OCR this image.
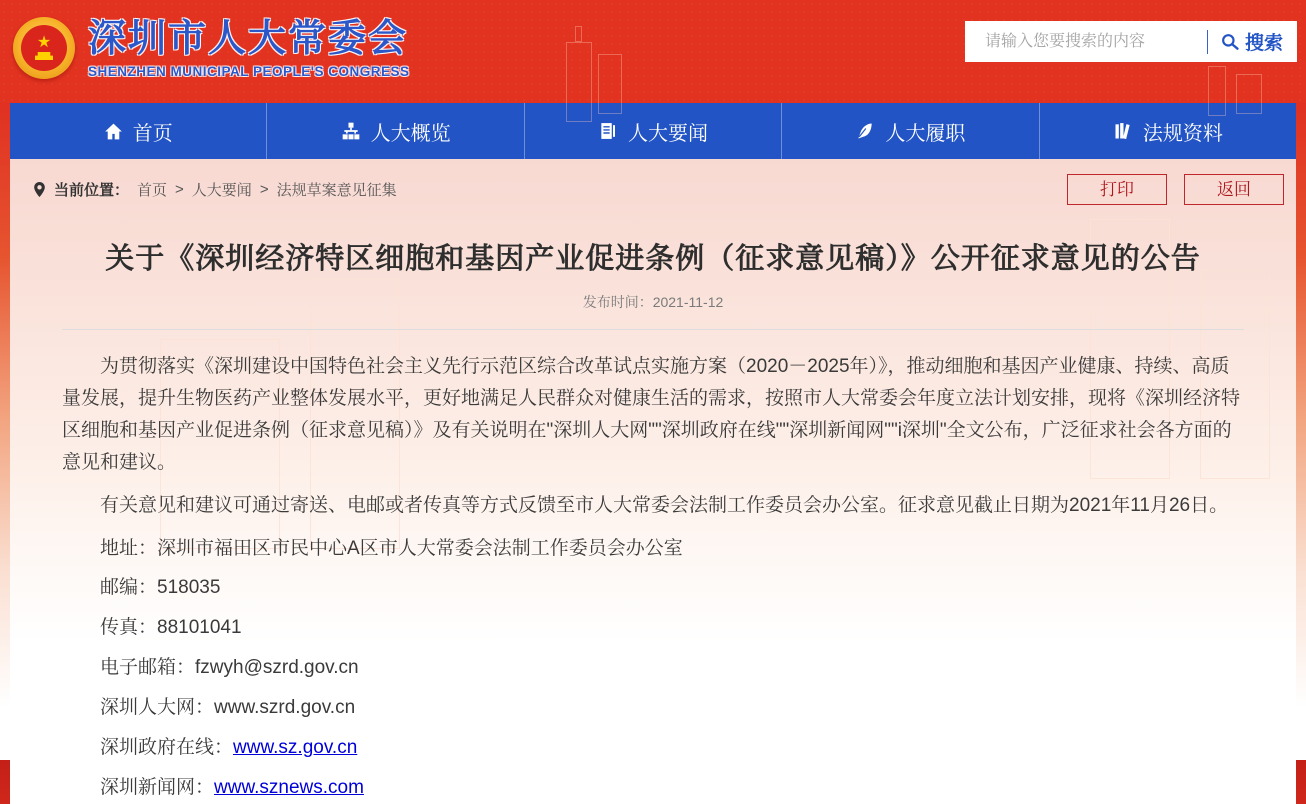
★ 深圳市人大常委会
SHENZHEN MUNICIPAL PEOPLE'S CONGRESS
请输入您要搜索的内容
搜索
首页	人大概览	人大要闻	人大履职	法规资料
当前位置： 首页 > 人大要闻 > 法规草案意见征集	打印	返回
关于《深圳经济特区细胞和基因产业促进条例（征求意见稿）》公开征求意见的公告
发布时间：2021-11-12

为贯彻落实《深圳建设中国特色社会主义先行示范区综合改革试点实施方案（2020－2025年）》，推动细胞和基因产业健康、持续、高质量发展，提升生物医药产业整体发展水平，更好地满足人民群众对健康生活的需求，按照市人大常委会年度立法计划安排，现将《深圳经济特区细胞和基因产业促进条例（征求意见稿）》及有关说明在"深圳人大网""深圳政府在线""深圳新闻网""i深圳"全文公布，广泛征求社会各方面的意见和建议。

有关意见和建议可通过寄送、电邮或者传真等方式反馈至市人大常委会法制工作委员会办公室。征求意见截止日期为2021年11月26日。

地址：深圳市福田区市民中心A区市人大常委会法制工作委员会办公室

邮编：518035

传真：88101041

电子邮箱：fzwyh@szrd.gov.cn

深圳人大网：www.szrd.gov.cn

深圳政府在线：www.sz.gov.cn

深圳新闻网：www.sznews.com
